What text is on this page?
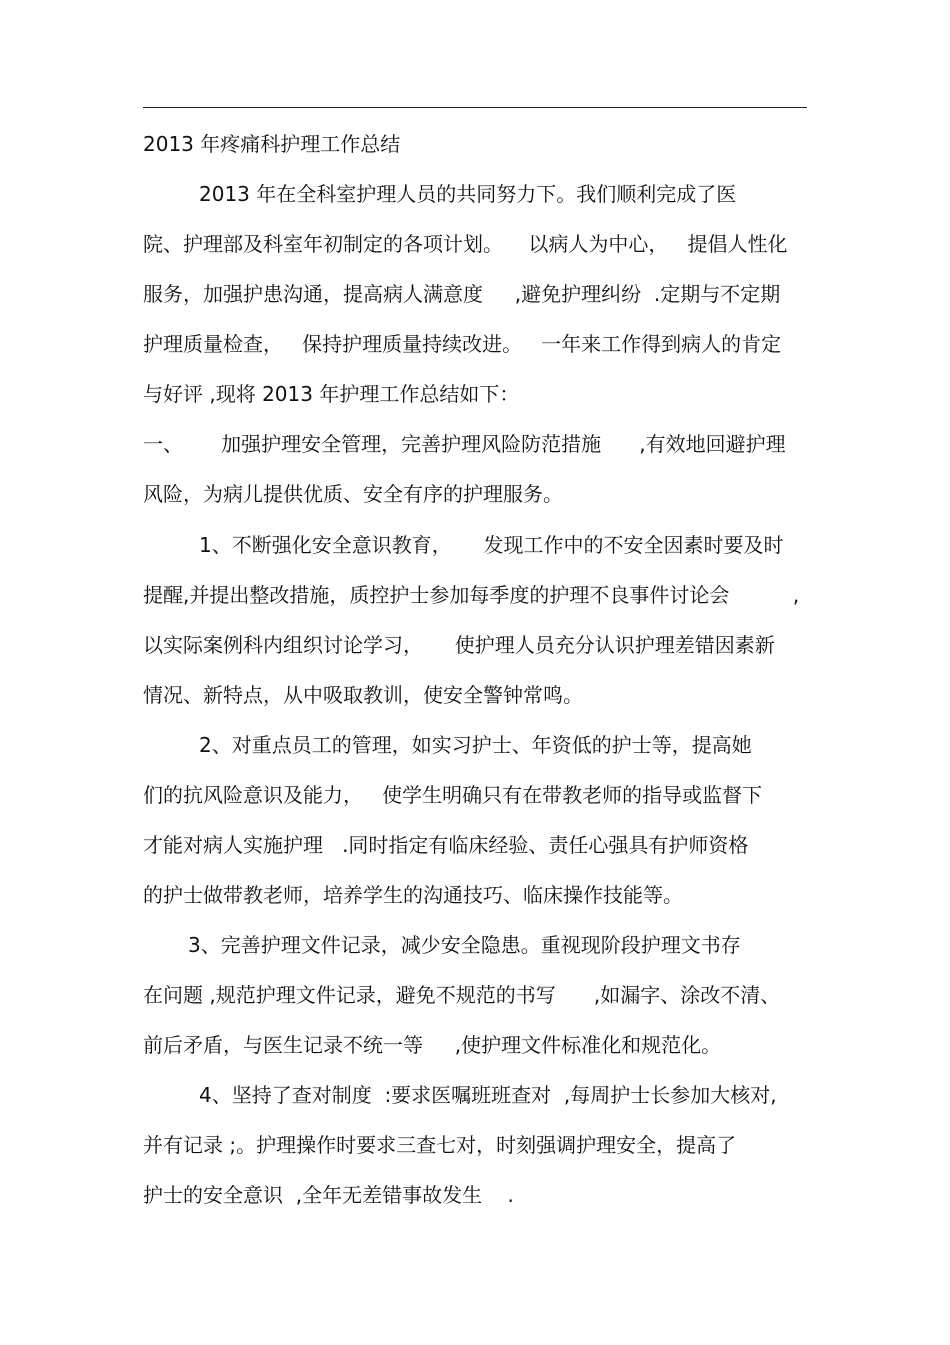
2013 年疼痛科护理工作总结

2013 年在全科室护理人员的共同努力下。我们顺利完成了医

院、护理部及科室年初制定的各项计划。    以病人为中心，   提倡人性化

服务，加强护患沟通，提高病人满意度     ,避免护理纠纷  .定期与不定期

护理质量检查，   保持护理质量持续改进。   一年来工作得到病人的肯定

与好评 ,现将 2013 年护理工作总结如下：

一、      加强护理安全管理，完善护理风险防范措施      ,有效地回避护理

风险，为病儿提供优质、安全有序的护理服务。

1、不断强化安全意识教育，     发现工作中的不安全因素时要及时

提醒,并提出整改措施，质控护士参加每季度的护理不良事件讨论会          ,

以实际案例科内组织讨论学习，     使护理人员充分认识护理差错因素新

情况、新特点，从中吸取教训，使安全警钟常鸣。

2、对重点员工的管理，如实习护士、年资低的护士等，提高她

们的抗风险意识及能力，   使学生明确只有在带教老师的指导或监督下

才能对病人实施护理   .同时指定有临床经验、责任心强具有护师资格

的护士做带教老师，培养学生的沟通技巧、临床操作技能等。

3、完善护理文件记录，减少安全隐患。重视现阶段护理文书存

在问题 ,规范护理文件记录，避免不规范的书写      ,如漏字、涂改不清、

前后矛盾，与医生记录不统一等     ,使护理文件标准化和规范化。

4、坚持了查对制度  :要求医嘱班班查对  ,每周护士长参加大核对,

并有记录 ;。护理操作时要求三查七对，时刻强调护理安全，提高了

护士的安全意识  ,全年无差错事故发生    .
